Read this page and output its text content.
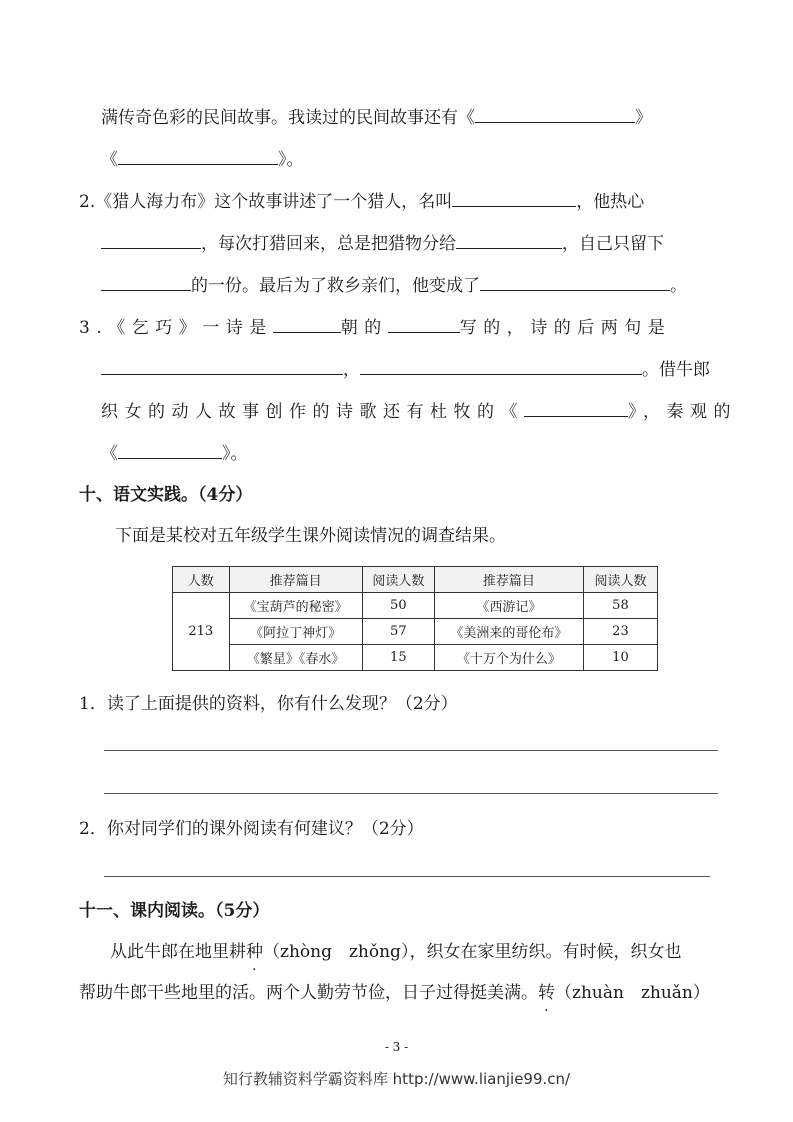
满传奇色彩的民间故事。我读过的民间故事还有《	》
《	》。
2.《猎人海力布》这个故事讲述了一个猎人，名叫	，他热心
，每次打猎回来，总是把猎物分给	，自己只留下
的一份。最后为了救乡亲们，他变成了	。
3.《乞巧》一诗是	朝的	写的，诗的后两句是
，	。借牛郎
织女的动人故事创作的诗歌还有杜牧的《	》，秦观的
《	》。
十、语文实践。（4分）
下面是某校对五年级学生课外阅读情况的调查结果。
人数	推荐篇目	阅读人数	推荐篇目	阅读人数
213	《宝葫芦的秘密》	50	《西游记》	58
	《阿拉丁神灯》	57	《美洲来的哥伦布》	23
	《繁星》《春水》	15	《十万个为什么》	10
1．读了上面提供的资料，你有什么发现？（2分）
2．你对同学们的课外阅读有何建议？（2分）
十一、课内阅读。（5分）
从此牛郎在地里耕种（zhòng　zhǒng），织女在家里纺织。有时候，织女也
帮助牛郎干些地里的活。两个人勤劳节俭，日子过得挺美满。转（zhuàn　zhuǎn）
- 3 -
知行教辅资料学霸资料库 http://www.lianjie99.cn/
